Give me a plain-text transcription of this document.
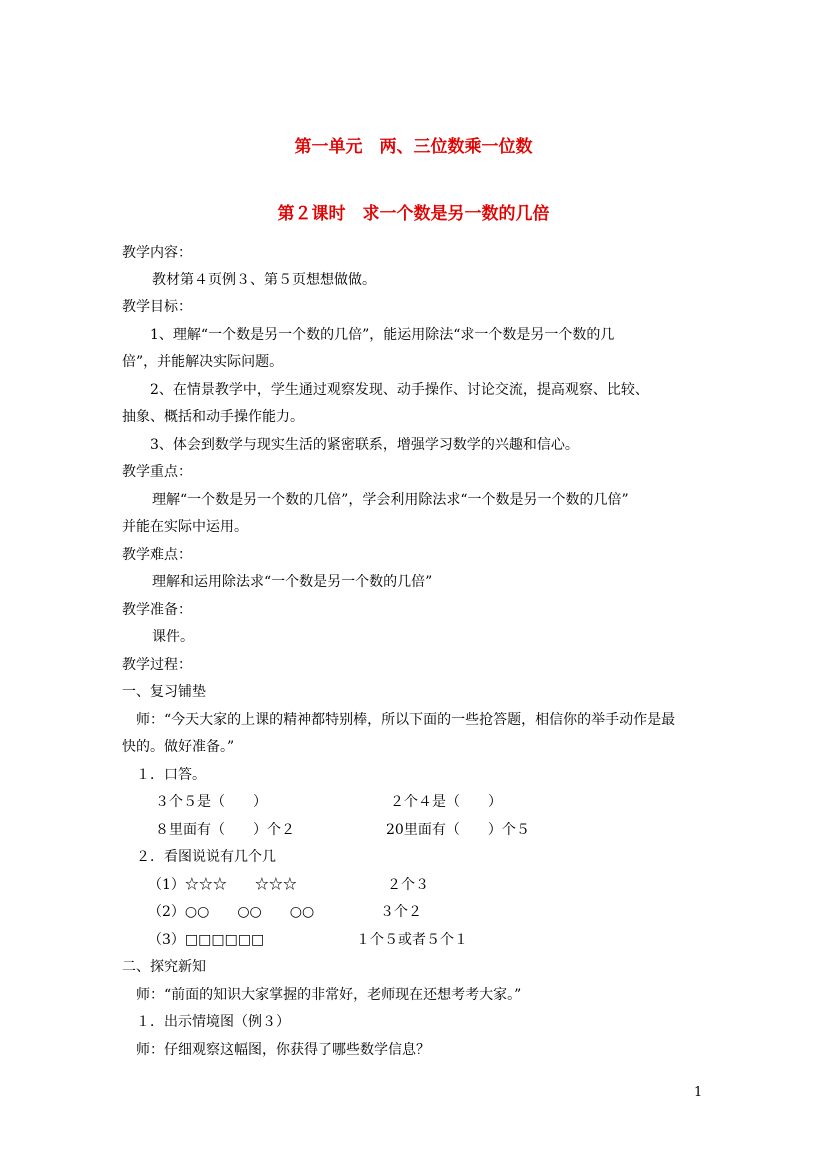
第一单元　两、三位数乘一位数
第２课时　求一个数是另一数的几倍
教学内容：
教材第４页例３、第５页想想做做。
教学目标：
1、理解“一个数是另一个数的几倍”，能运用除法“求一个数是另一个数的几
倍”，并能解决实际问题。
2、在情景教学中，学生通过观察发现、动手操作、讨论交流，提高观察、比较、
抽象、概括和动手操作能力。
3、体会到数学与现实生活的紧密联系，增强学习数学的兴趣和信心。
教学重点：
理解“一个数是另一个数的几倍”，学会利用除法求“一个数是另一个数的几倍”
并能在实际中运用。
教学难点：
理解和运用除法求“一个数是另一个数的几倍”
教学准备：
课件。
教学过程：
一、复习铺垫
师：“今天大家的上课的精神都特别棒，所以下面的一些抢答题，相信你的举手动作是最
快的。做好准备。”
１．口答。
３个５是（　　）	２个４是（　　）
８里面有（　　）个２	20里面有（　　）个５
２．看图说说有几个几
（1）☆☆☆　　☆☆☆	２个３
（2）○○　　○○　　○○	３个２
（3）□□□□□□	１个５或者５个１
二、探究新知
师：“前面的知识大家掌握的非常好，老师现在还想考考大家。”
１．出示情境图（例３）
师：仔细观察这幅图，你获得了哪些数学信息？
1
